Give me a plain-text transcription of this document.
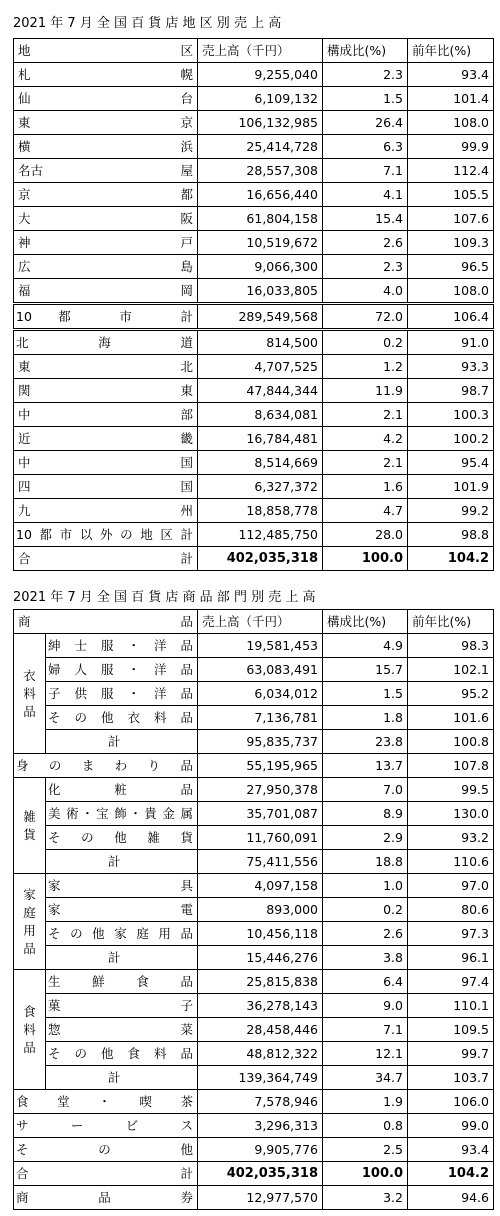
2021 年 7 月 全 国 百 貨 店 地 区 別 売 上 高
地 区	売上高（千円）	構成比(%)	前年比(%)

札 幌	9,255,040	2.3	93.4

仙 台	6,109,132	1.5	101.4

東 京	106,132,985	26.4	108.0

横 浜	25,414,728	6.3	99.9

名古 屋	28,557,308	7.1	112.4

京 都	16,656,440	4.1	105.5

大 阪	61,804,158	15.4	107.6

神 戸	10,519,672	2.6	109.3

広 島	9,066,300	2.3	96.5

福 岡	16,033,805	4.0	108.0
10 都 市 計	289,549,568	72.0	106.4
北 海 道	814,500	0.2	91.0

東 北	4,707,525	1.2	93.3

関 東	47,844,344	11.9	98.7

中 部	8,634,081	2.1	100.3

近 畿	16,784,481	4.2	100.2

中 国	8,514,669	2.1	95.4

四 国	6,327,372	1.6	101.9

九 州	18,858,778	4.7	99.2
10都市以外の地区計	112,485,750	28.0	98.8

合 計	402,035,318	100.0	104.2
2021 年 7 月 全 国 百 貨 店 商 品 部 門 別 売 上 高
商 品		売上高（千円）	構成比(%)	前年比(%)
衣料品	紳士服・洋品	19,581,453	4.9	98.3
	婦人服・洋品	63,083,491	15.7	102.1
	子供服・洋品	6,034,012	1.5	95.2
	その他衣料品	7,136,781	1.8	101.6
	計	95,835,737	23.8	100.8
身のまわり品		55,195,965	13.7	107.8
雑貨	化粧品	27,950,378	7.0	99.5
	美術･宝飾･貴金属	35,701,087	8.9	130.0
	その他雑貨	11,760,091	2.9	93.2
	計	75,411,556	18.8	110.6
家庭用品	家具	4,097,158	1.0	97.0
	家電	893,000	0.2	80.6
	その他家庭用品	10,456,118	2.6	97.3
	計	15,446,276	3.8	96.1
食料品	生鮮食品	25,815,838	6.4	97.4
	菓子	36,278,143	9.0	110.1
	惣菜	28,458,446	7.1	109.5
	その他食料品	48,812,322	12.1	99.7
	計	139,364,749	34.7	103.7
食堂・喫茶		7,578,946	1.9	106.0
サービス		3,296,313	0.8	99.0
その他		9,905,776	2.5	93.4
合計		402,035,318	100.0	104.2
商品券		12,977,570	3.2	94.6
